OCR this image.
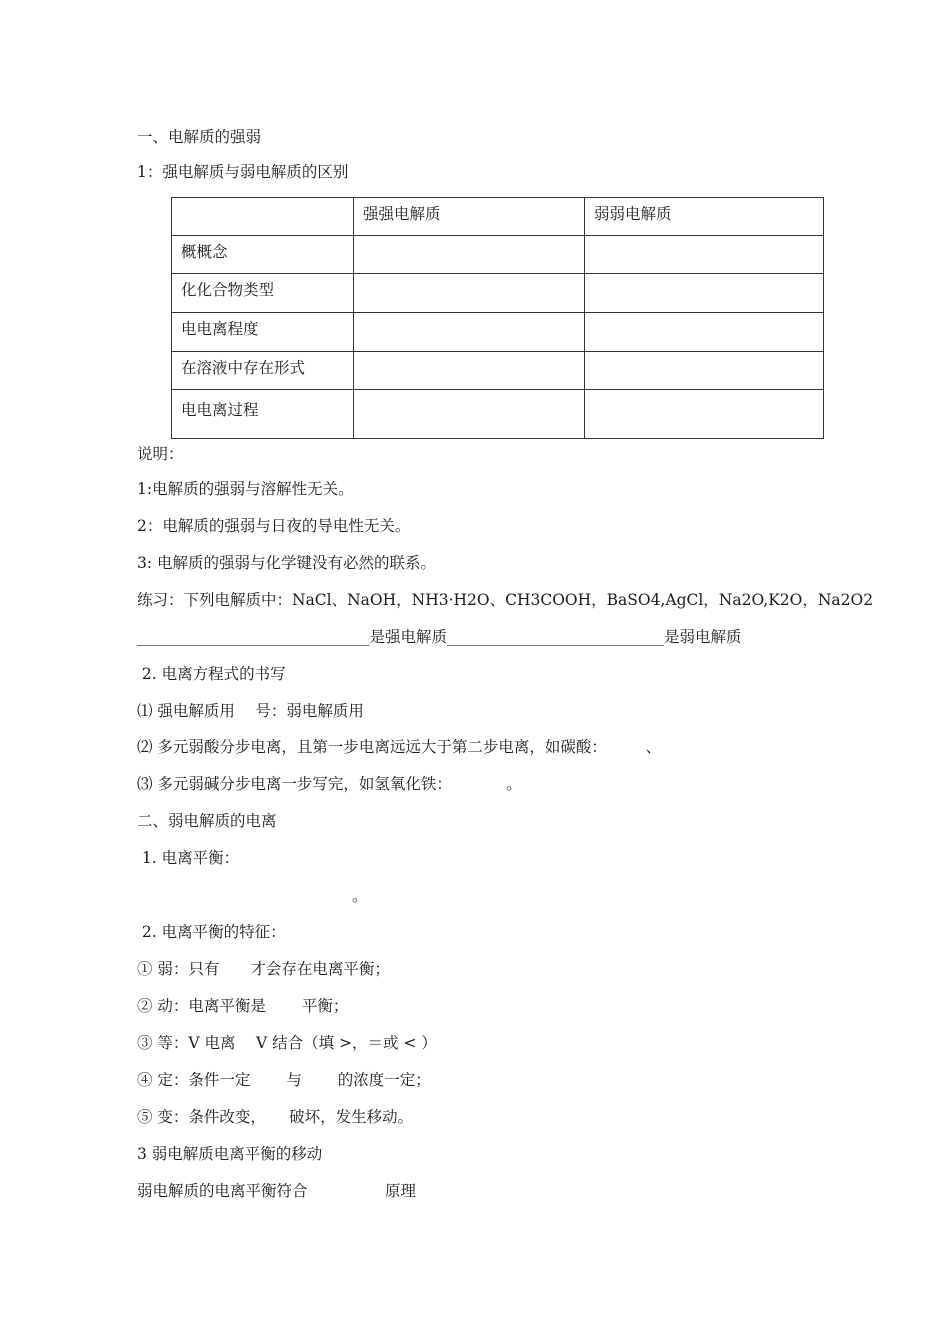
一、电解质的强弱
1：强电解质与弱电解质的区别
	强强电解质	弱弱电解质
概概念		
化化合物类型		
电电离程度		
在溶液中存在形式		
电电离过程		
说明：
1:电解质的强弱与溶解性无关。
2：电解质的强弱与日夜的导电性无关。
3: 电解质的强弱与化学键没有必然的联系。
练习：下列电解质中：NaCl、NaOH，NH3·H2O、CH3COOH，BaSO4,AgCl，Na2O,K2O，Na2O2
______________________________是强电解质____________________________是弱电解质
2. 电离方程式的书写
⑴ 强电解质用　 号：弱电解质用
⑵ 多元弱酸分步电离，且第一步电离远远大于第二步电离，如碳酸：　　　、
⑶ 多元弱碱分步电离一步写完，如氢氧化铁：　　　　。
二、弱电解质的电离
1. 电离平衡：
。
2. 电离平衡的特征：
① 弱：只有　　才会存在电离平衡；
② 动：电离平衡是　　 平衡；
③ 等：V 电离　 V 结合（填 >，＝或 < ）
④ 定：条件一定　　 与　　 的浓度一定；
⑤ 变：条件改变，　　破坏，发生移动。
3 弱电解质电离平衡的移动
弱电解质的电离平衡符合　　　　　原理
